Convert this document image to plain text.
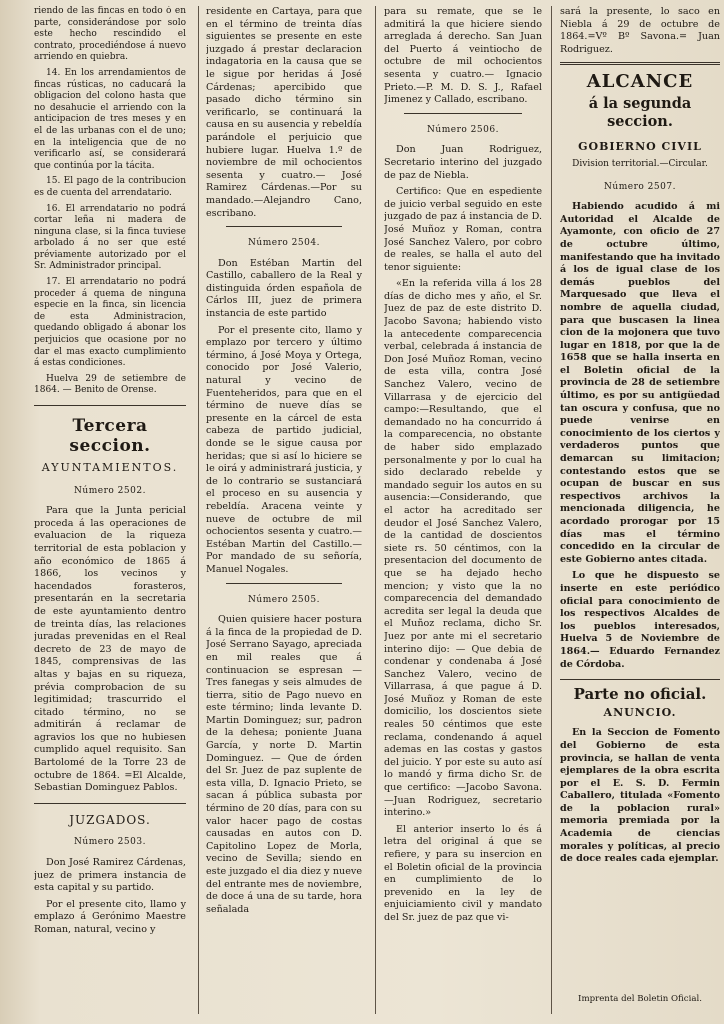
riendo de las fincas en todo ó en parte, considerándose por solo este hecho rescindido el contrato, procediéndose á nuevo arriendo en quiebra.

14. En los arrendamientos de fincas rústicas, no caducará la obligacion del colono hasta que no desahucie el arriendo con la anticipacion de tres meses y en el de las urbanas con el de uno; en la inteligencia que de no verificarlo así, se considerará que continúa por la tácita.

15. El pago de la contribucion es de cuenta del arrendatario.

16. El arrendatario no podrá cortar leña ni madera de ninguna clase, si la finca tuviese arbolado á no ser que esté préviamente autorizado por el Sr. Administrador principal.

17. El arrendatario no podrá proceder á quema de ninguna especie en la finca, sin licencia de esta Administracion, quedando obligado á abonar los perjuicios que ocasione por no dar el mas exacto cumplimiento á estas condiciones.

Huelva 29 de setiembre de 1864. — Benito de Orense.

Tercera seccion.
AYUNTAMIENTOS.
Número 2502.

Para que la Junta pericial proceda á las operaciones de evaluacion de la riqueza territorial de esta poblacion y año económico de 1865 á 1866, los vecinos y hacendados forasteros, presentarán en la secretaria de este ayuntamiento dentro de treinta días, las relaciones juradas prevenidas en el Real decreto de 23 de mayo de 1845, comprensivas de las altas y bajas en su riqueza, prévia comprobacion de su legitimidad; trascurrido el citado término, no se admitirán á reclamar de agravios los que no hubiesen cumplido aquel requisito. San Bartolomé de la Torre 23 de octubre de 1864. =El Alcalde, Sebastian Dominguez Pablos.

JUZGADOS.
Número 2503.

Don José Ramirez Cárdenas, juez de primera instancia de esta capital y su partido.

Por el presente cito, llamo y emplazo á Gerónimo Maestre Roman, natural, vecino y

residente en Cartaya, para que en el término de treinta días siguientes se presente en este juzgado á prestar declaracion indagatoria en la causa que se le sigue por heridas á José Cárdenas; apercibido que pasado dicho término sin verificarlo, se continuará la causa en su ausencia y rebeldía parándole el perjuicio que hubiere lugar. Huelva 1.º de noviembre de mil ochocientos sesenta y cuatro.— José Ramirez Cárdenas.—Por su mandado.—Alejandro Cano, escribano.

Número 2504.

Don Estéban Martin del Castillo, caballero de la Real y distinguida órden española de Cárlos III, juez de primera instancia de este partido

Por el presente cito, llamo y emplazo por tercero y último término, á José Moya y Ortega, conocido por José Valerio, natural y vecino de Fuenteheridos, para que en el término de nueve días se presente en la cárcel de esta cabeza de partido judicial, donde se le sigue causa por heridas; que si así lo hiciere se le oirá y administrará justicia, y de lo contrario se sustanciará el proceso en su ausencia y rebeldía. Aracena veinte y nueve de octubre de mil ochocientos sesenta y cuatro.— Estéban Martin del Castillo.— Por mandado de su señoría, Manuel Nogales.

Número 2505.

Quien quisiere hacer postura á la finca de la propiedad de D. José Serrano Sayago, apreciada en mil reales que á continuacion se espresan — Tres fanegas y seis almudes de tierra, sitio de Pago nuevo en este término; linda levante D. Martin Dominguez; sur, padron de la dehesa; poniente Juana García, y norte D. Martin Dominguez. — Que de órden del Sr. Juez de paz suplente de esta villa, D. Ignacio Prieto, se sacan á pública subasta por término de 20 días, para con su valor hacer pago de costas causadas en autos con D. Capitolino Lopez de Morla, vecino de Sevilla; siendo en este juzgado el dia diez y nueve del entrante mes de noviembre, de doce á una de su tarde, hora señalada

para su remate, que se le admitirá la que hiciere siendo arreglada á derecho. San Juan del Puerto á veintiocho de octubre de mil ochocientos sesenta y cuatro.— Ignacio Prieto.—P. M. D. S. J., Rafael Jimenez y Callado, escribano.

Número 2506.

Don Juan Rodriguez, Secretario interino del juzgado de paz de Niebla.

Certifico: Que en espediente de juicio verbal seguido en este juzgado de paz á instancia de D. José Muñoz y Roman, contra José Sanchez Valero, por cobro de reales, se halla el auto del tenor siguiente:

«En la referida villa á los 28 días de dicho mes y año, el Sr. Juez de paz de este distrito D. Jacobo Savona; habiendo visto la antecedente comparecencia verbal, celebrada á instancia de Don José Muñoz Roman, vecino de esta villa, contra José Sanchez Valero, vecino de Villarrasa y de ejercicio del campo:—Resultando, que el demandado no ha concurrido á la comparecencia, no obstante de haber sido emplazado personalmente y por lo cual ha sido declarado rebelde y mandado seguir los autos en su ausencia:—Considerando, que el actor ha acreditado ser deudor el José Sanchez Valero, de la cantidad de doscientos siete rs. 50 céntimos, con la presentacion del documento de que se ha dejado hecho mencion; y visto que la no comparecencia del demandado acredita ser legal la deuda que el Muñoz reclama, dicho Sr. Juez por ante mi el secretario interino dijo: — Que debia de condenar y condenaba á José Sanchez Valero, vecino de Villarrasa, á que pague á D. José Muñoz y Roman de este domicilio, los doscientos siete reales 50 céntimos que este reclama, condenando á aquel ademas en las costas y gastos del juicio. Y por este su auto así lo mandó y firma dicho Sr. de que certifico: —Jacobo Savona.—Juan Rodriguez, secretario interino.»

El anterior inserto lo és á letra del original á que se refiere, y para su insercion en el Boletin oficial de la provincia en cumplimiento de lo prevenido en la ley de enjuiciamiento civil y mandato del Sr. juez de paz que vi-

sará la presente, lo saco en Niebla á 29 de octubre de 1864.=Vº Bº Savona.= Juan Rodriguez.

ALCANCE
á la segunda seccion.
GOBIERNO CIVIL
Division territorial.—Circular.
Número 2507.

Habiendo acudido á mi Autoridad el Alcalde de Ayamonte, con oficio de 27 de octubre último, manifestando que ha invitado á los de igual clase de los demás pueblos del Marquesado que lleva el nombre de aquella ciudad, para que buscasen la linea cion de la mojonera que tuvo lugar en 1818, por que la de 1658 que se halla inserta en el Boletin oficial de la provincia de 28 de setiembre último, es por su antigüedad tan oscura y confusa, que no puede venirse en conocimiento de los ciertos y verdaderos puntos que demarcan su limitacion; contestando estos que se ocupan de buscar en sus respectivos archivos la mencionada diligencia, he acordado prorogar por 15 días mas el término concedido en la circular de este Gobierno antes citada.

Lo que he dispuesto se inserte en este periódico oficial para conocimiento de los respectivos Alcaldes de los pueblos interesados, Huelva 5 de Noviembre de 1864.— Eduardo Fernandez de Córdoba.

Parte no oficial.
ANUNCIO.

En la Seccion de Fomento del Gobierno de esta provincia, se hallan de venta ejemplares de la obra escrita por el E. S. D. Fermin Caballero, titulada «Fomento de la poblacion rural» memoria premiada por la Academia de ciencias morales y políticas, al precio de doce reales cada ejemplar.

Imprenta del Boletin Oficial.
